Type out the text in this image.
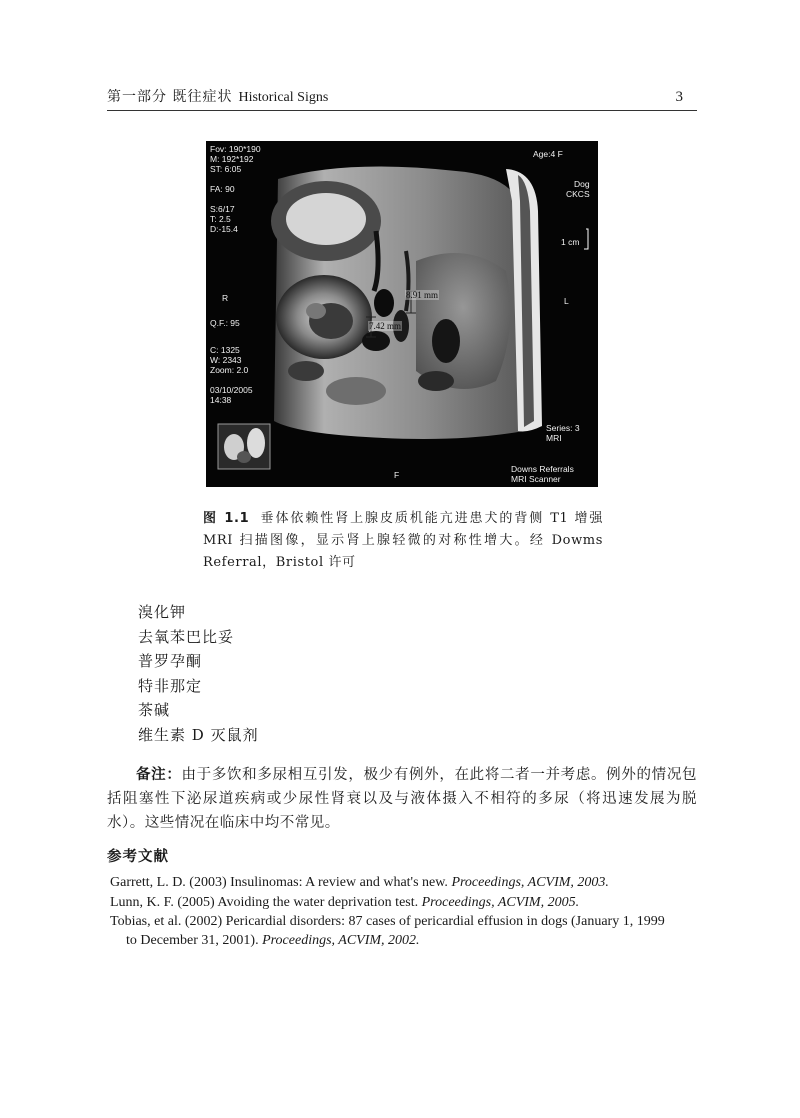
第一部分 既往症状 Historical Signs	3
Fov: 190*190
M: 192*192
ST: 6:05

FA: 90

S:6/17
T: 2.5
D:-15.4
R
Q.F.: 95
C: 1325
W: 2343
Zoom: 2.0

03/10/2005
14:38
Age:4 F
Dog
CKCS
1 cm
L
Series: 3
MRI
F
Downs Referrals
MRI Scanner
8.91 mm
7.42 mm
图 1.1 垂体依赖性肾上腺皮质机能亢进患犬的背侧 T1 增强 MRI 扫描图像，显示肾上腺轻微的对称性增大。经 Dowms Referral，Bristol 许可
溴化钾
去氧苯巴比妥
普罗孕酮
特非那定
茶碱
维生素 D 灭鼠剂

备注：由于多饮和多尿相互引发，极少有例外，在此将二者一并考虑。例外的情况包括阻塞性下泌尿道疾病或少尿性肾衰以及与液体摄入不相符的多尿（将迅速发展为脱水）。这些情况在临床中均不常见。

参考文献
Garrett, L. D. (2003) Insulinomas: A review and what's new. Proceedings, ACVIM, 2003.
Lunn, K. F. (2005) Avoiding the water deprivation test. Proceedings, ACVIM, 2005.
Tobias, et al. (2002) Pericardial disorders: 87 cases of pericardial effusion in dogs (January 1, 1999 to December 31, 2001). Proceedings, ACVIM, 2002.
